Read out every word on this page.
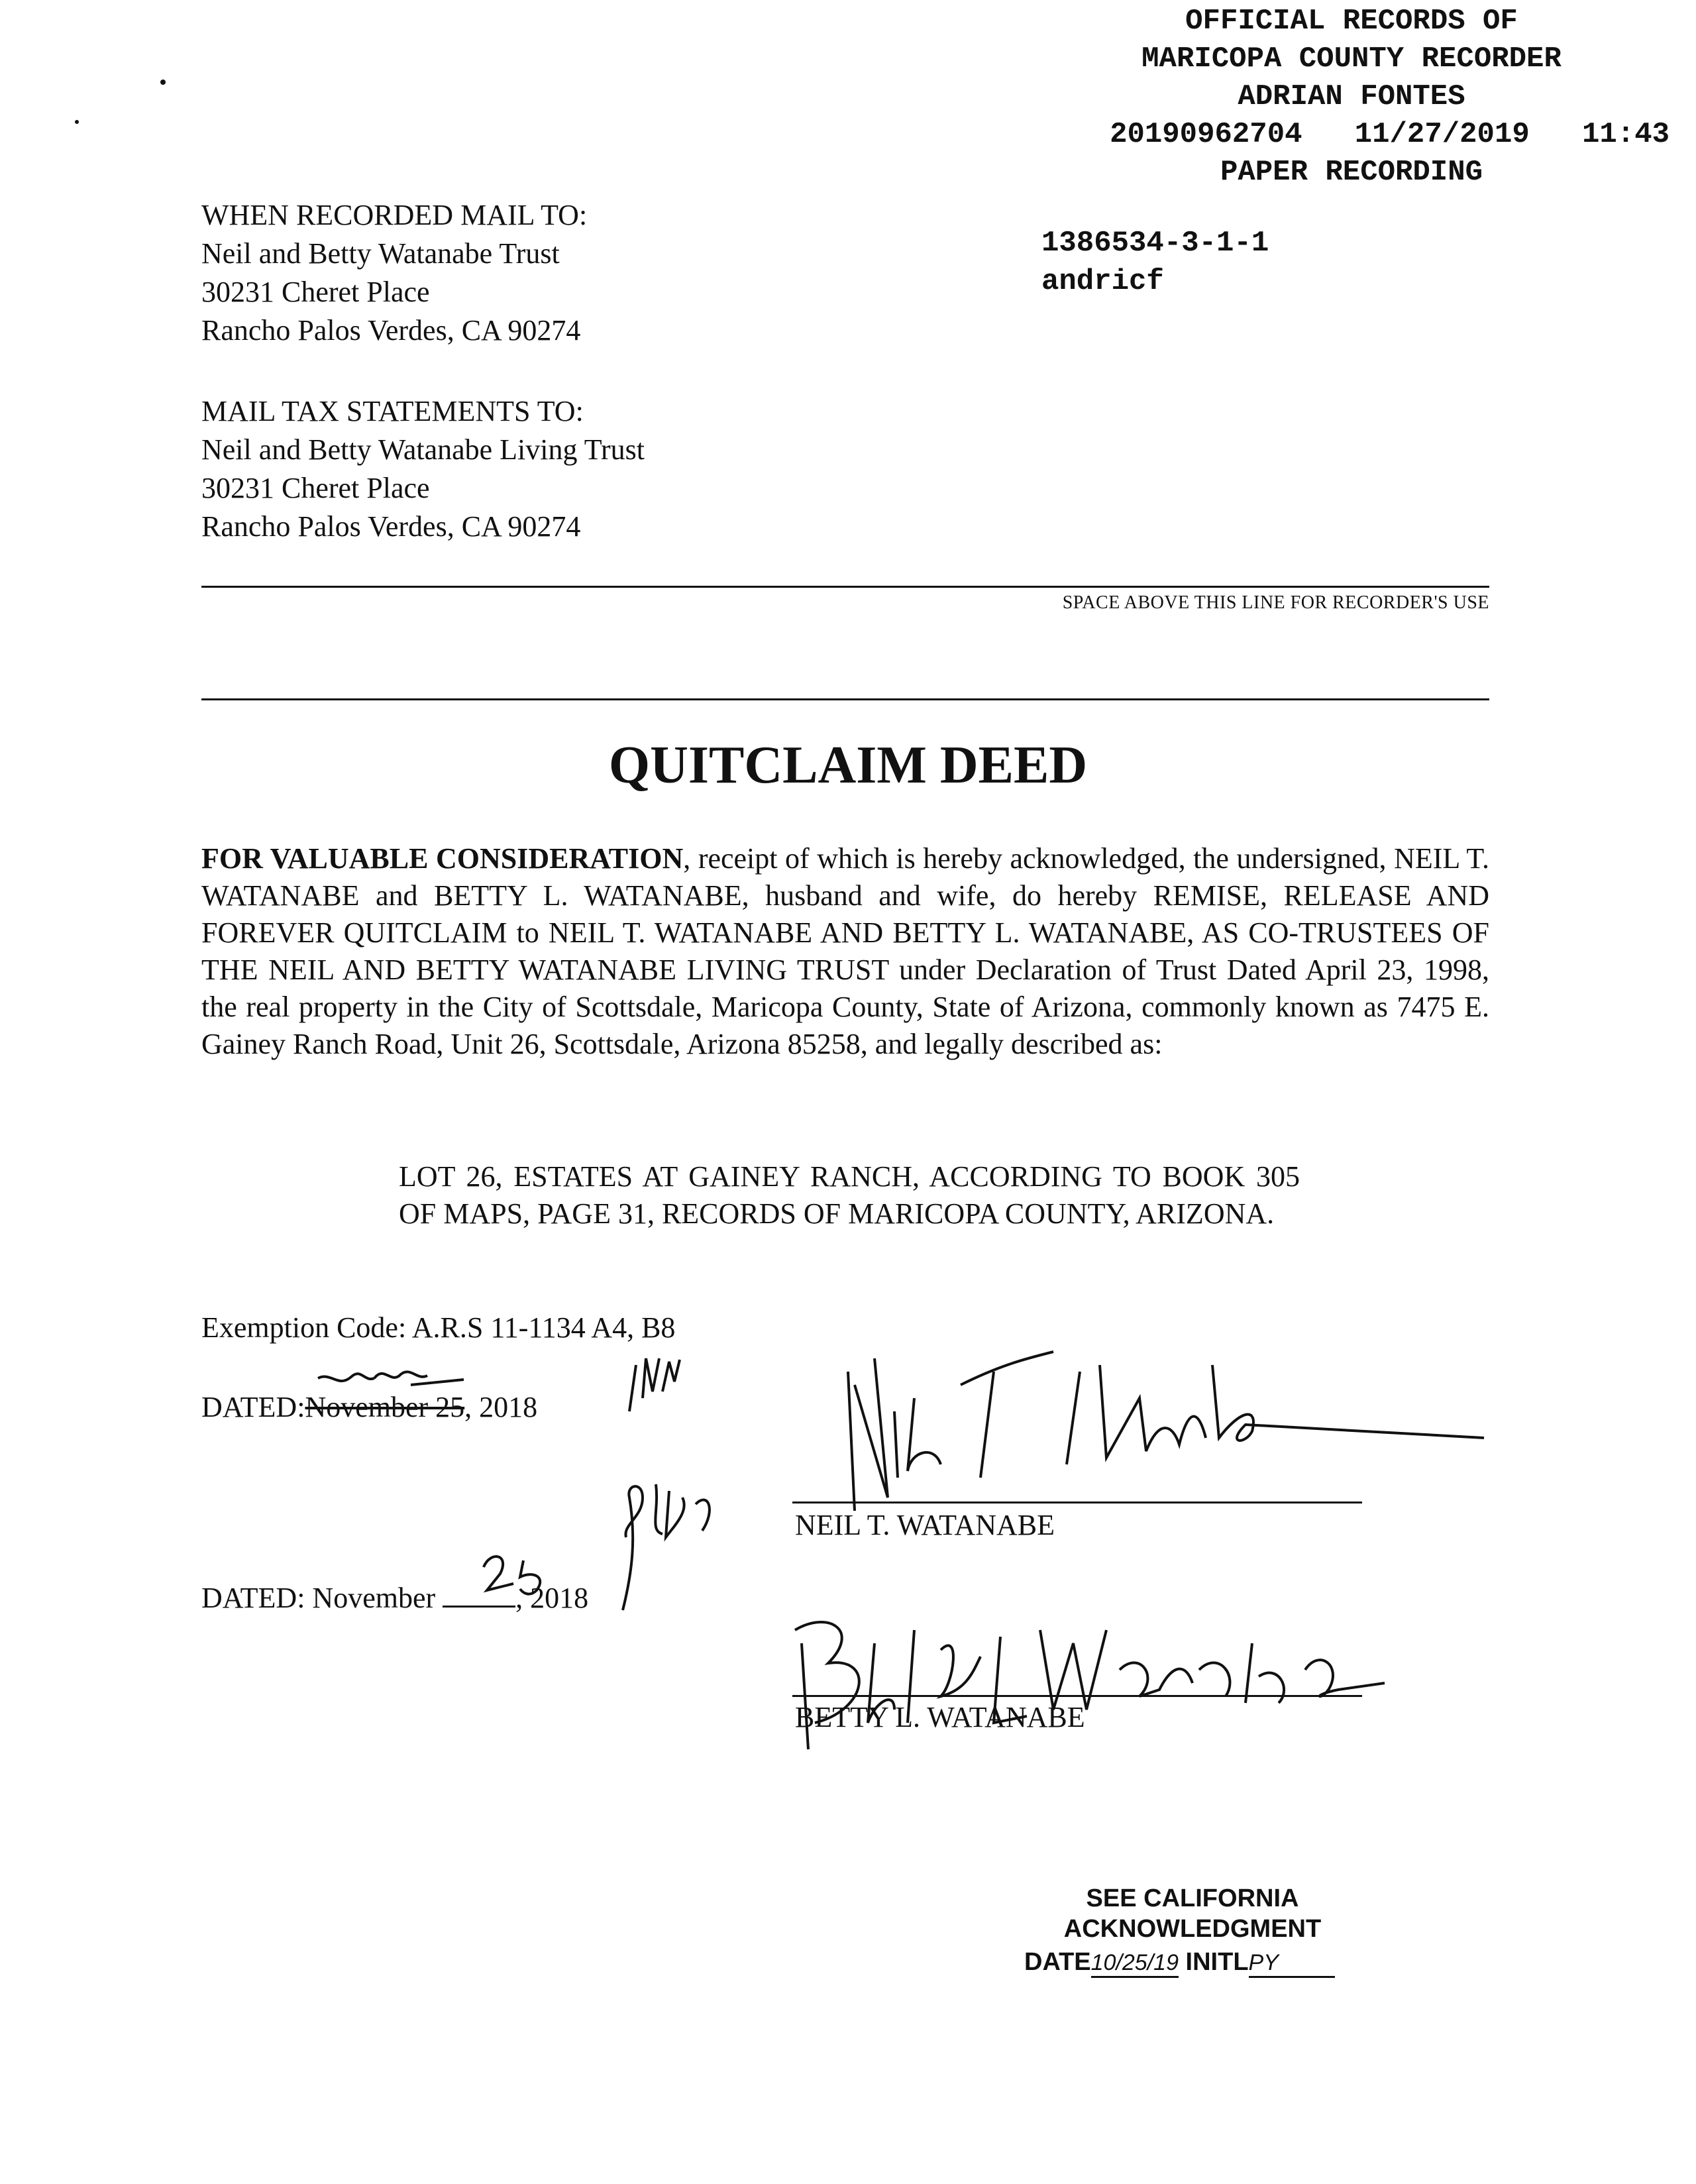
OFFICIAL RECORDS OF
MARICOPA COUNTY RECORDER
ADRIAN FONTES
20190962704   11/27/2019   11:43
PAPER RECORDING
1386534-3-1-1
andricf
WHEN RECORDED MAIL TO:
Neil and Betty Watanabe Trust
30231 Cheret Place
Rancho Palos Verdes, CA 90274
MAIL TAX STATEMENTS TO:
Neil and Betty Watanabe Living Trust
30231 Cheret Place
Rancho Palos Verdes, CA 90274
SPACE ABOVE THIS LINE FOR RECORDER'S USE
QUITCLAIM DEED
FOR VALUABLE CONSIDERATION, receipt of which is hereby acknowledged, the undersigned, NEIL T. WATANABE and BETTY L. WATANABE, husband and wife, do hereby REMISE, RELEASE AND FOREVER QUITCLAIM to NEIL T. WATANABE AND BETTY L. WATANABE, AS CO-TRUSTEES OF THE NEIL AND BETTY WATANABE LIVING TRUST under Declaration of Trust Dated April 23, 1998, the real property in the City of Scottsdale, Maricopa County, State of Arizona, commonly known as 7475 E. Gainey Ranch Road, Unit 26, Scottsdale, Arizona 85258, and legally described as:
LOT 26, ESTATES AT GAINEY RANCH, ACCORDING TO BOOK 305 OF MAPS, PAGE 31, RECORDS OF MARICOPA COUNTY, ARIZONA.
Exemption Code: A.R.S 11-1134 A4, B8
DATED:November 25, 2018
DATED: November	, 2018
NEIL T. WATANABE
BETTY L. WATANABE
SEE CALIFORNIA
ACKNOWLEDGMENT
DATE10/25/19 INITLPY
